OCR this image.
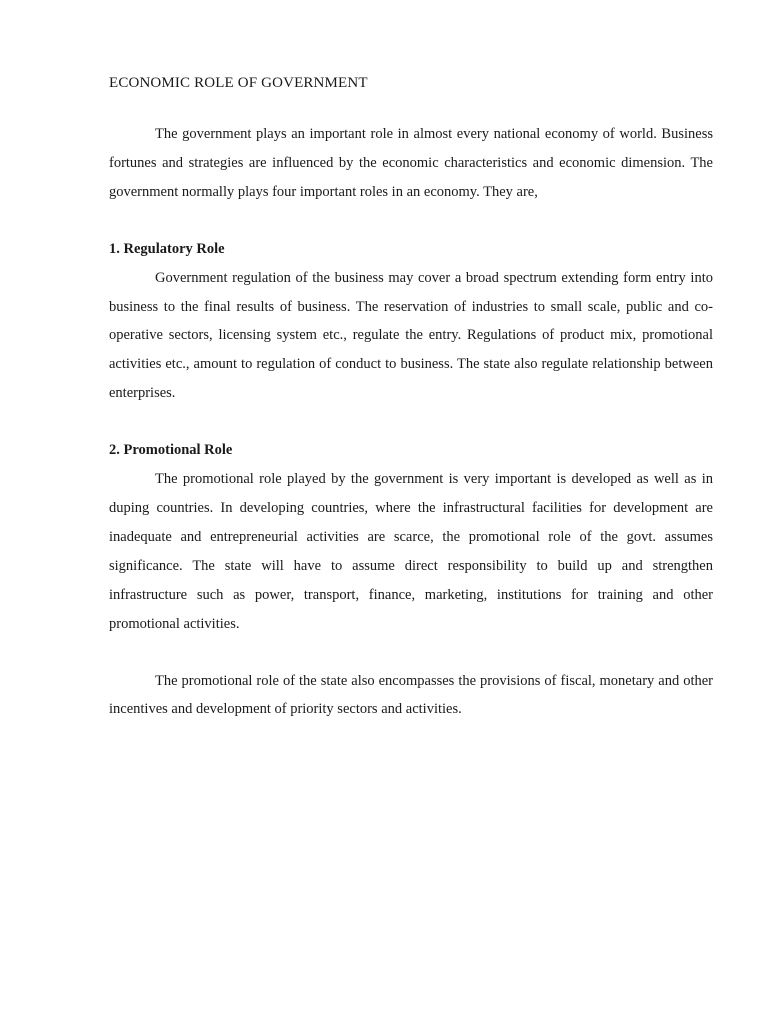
ECONOMIC ROLE OF GOVERNMENT

The government plays an important role in almost every national economy of world. Business fortunes and strategies are influenced by the economic characteristics and economic dimension. The government normally plays four important roles in an economy. They are,

1. Regulatory Role

Government regulation of the business may cover a broad spectrum extending form entry into business to the final results of business. The reservation of industries to small scale, public and co-operative sectors, licensing system etc., regulate the entry. Regulations of product mix, promotional activities etc., amount to regulation of conduct to business. The state also regulate relationship between enterprises.

2. Promotional Role

The promotional role played by the government is very important is developed as well as in duping countries. In developing countries, where the infrastructural facilities for development are inadequate and entrepreneurial activities are scarce, the promotional role of the govt. assumes significance. The state will have to assume direct responsibility to build up and strengthen infrastructure such as power, transport, finance, marketing, institutions for training and other promotional activities.

The promotional role of the state also encompasses the provisions of fiscal, monetary and other incentives and development of priority sectors and activities.
